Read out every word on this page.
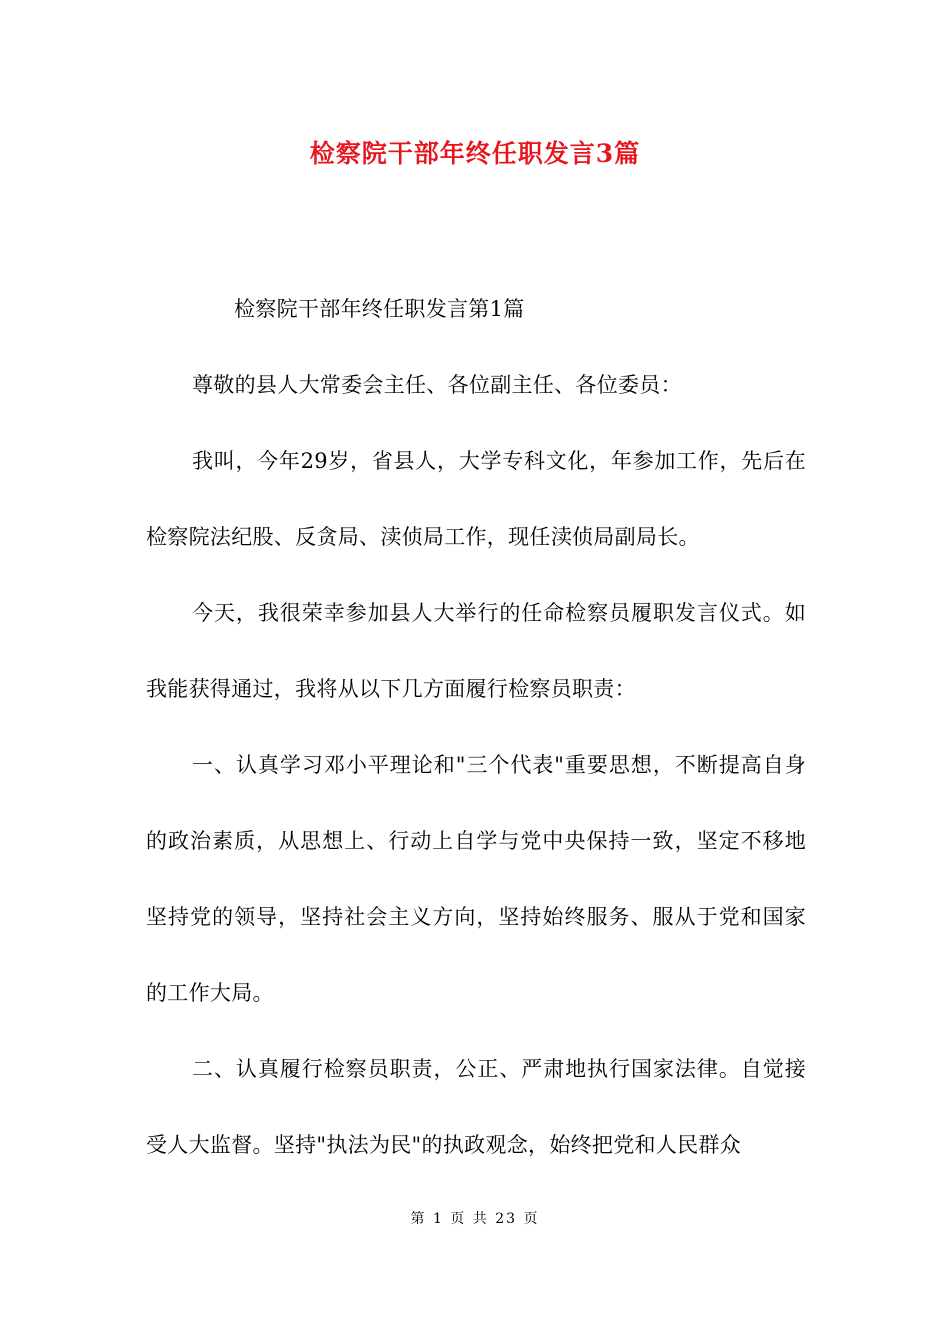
检察院干部年终任职发言3篇

检察院干部年终任职发言第1篇

尊敬的县人大常委会主任、各位副主任、各位委员：

我叫，今年29岁，省县人，大学专科文化，年参加工作，先后在检察院法纪股、反贪局、渎侦局工作，现任渎侦局副局长。

今天，我很荣幸参加县人大举行的任命检察员履职发言仪式。如我能获得通过，我将从以下几方面履行检察员职责：

一、认真学习邓小平理论和"三个代表"重要思想，不断提高自身的政治素质，从思想上、行动上自学与党中央保持一致，坚定不移地坚持党的领导，坚持社会主义方向，坚持始终服务、服从于党和国家的工作大局。

二、认真履行检察员职责，公正、严肃地执行国家法律。自觉接受人大监督。坚持"执法为民"的执政观念，始终把党和人民群众

第 1 页 共 23 页
